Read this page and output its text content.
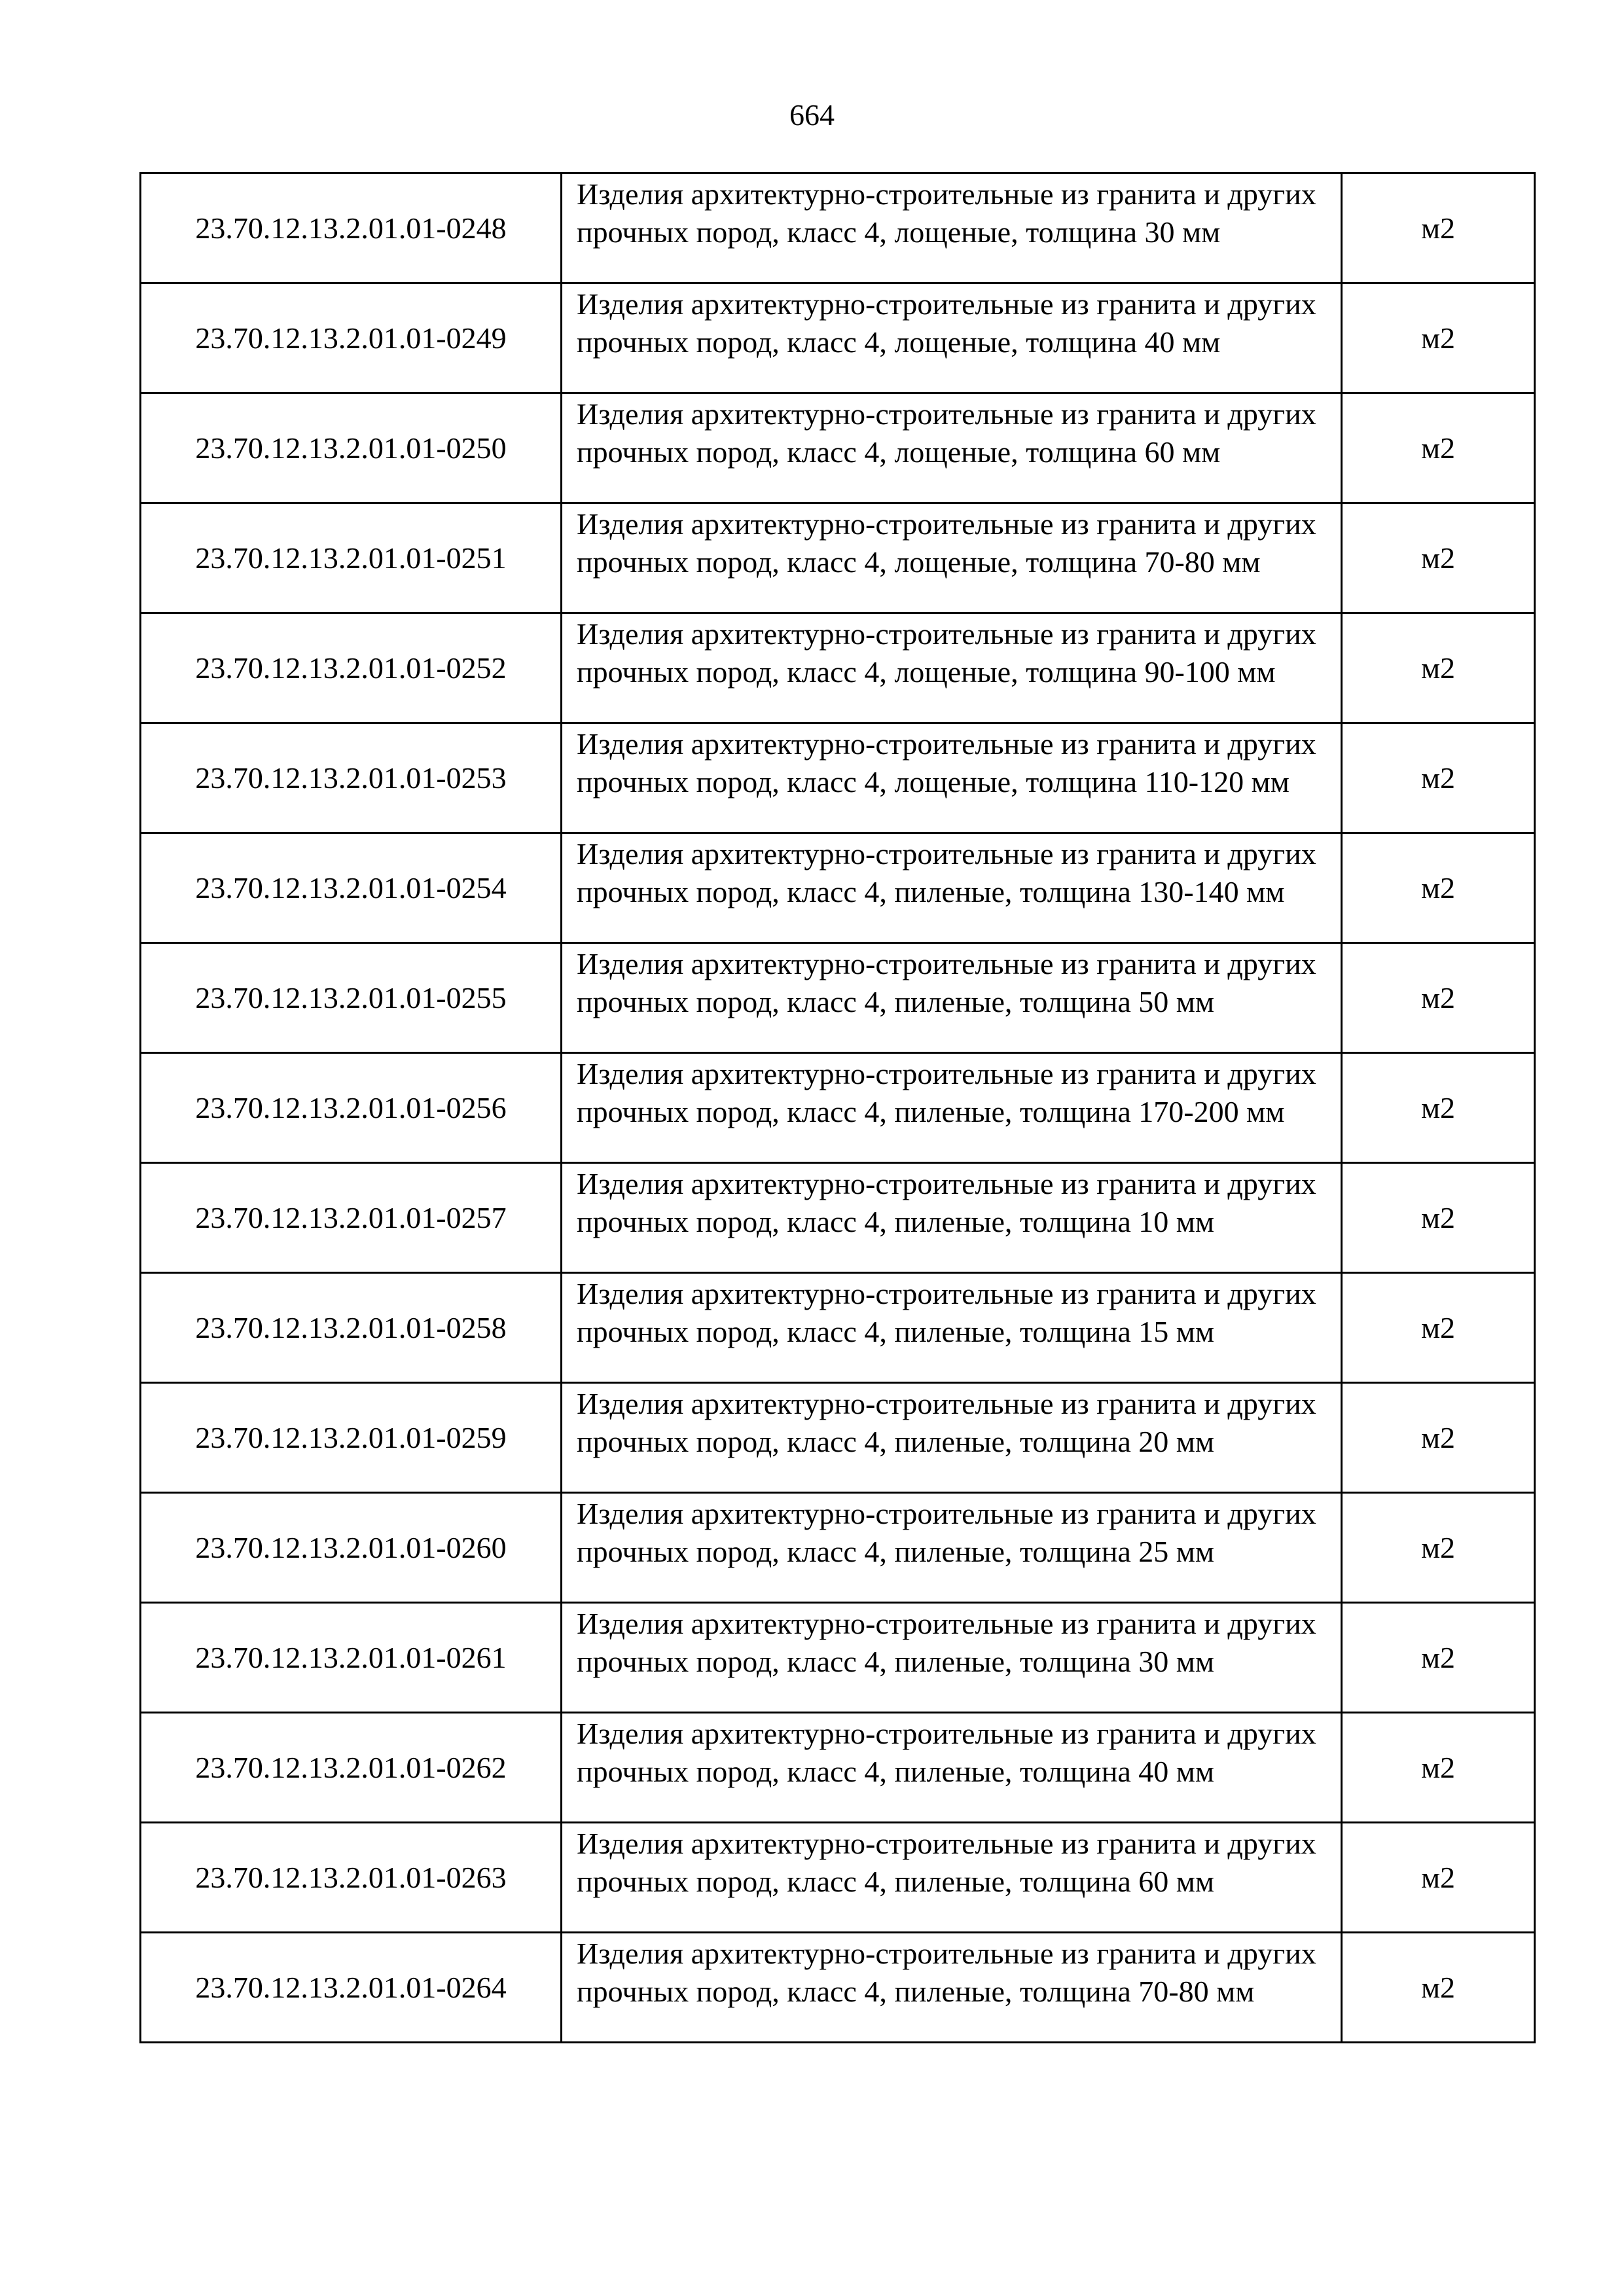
664
23.70.12.13.2.01.01-0248	Изделия архитектурно-строительные из гранита и других прочных пород, класс 4, лощеные, толщина 30 мм	м2
23.70.12.13.2.01.01-0249	Изделия архитектурно-строительные из гранита и других прочных пород, класс 4, лощеные, толщина 40 мм	м2
23.70.12.13.2.01.01-0250	Изделия архитектурно-строительные из гранита и других прочных пород, класс 4, лощеные, толщина 60 мм	м2
23.70.12.13.2.01.01-0251	Изделия архитектурно-строительные из гранита и других прочных пород, класс 4, лощеные, толщина 70-80 мм	м2
23.70.12.13.2.01.01-0252	Изделия архитектурно-строительные из гранита и других прочных пород, класс 4, лощеные, толщина 90-100 мм	м2
23.70.12.13.2.01.01-0253	Изделия архитектурно-строительные из гранита и других прочных пород, класс 4, лощеные, толщина 110-120 мм	м2
23.70.12.13.2.01.01-0254	Изделия архитектурно-строительные из гранита и других прочных пород, класс 4, пиленые, толщина 130-140 мм	м2
23.70.12.13.2.01.01-0255	Изделия архитектурно-строительные из гранита и других прочных пород, класс 4, пиленые, толщина 50 мм	м2
23.70.12.13.2.01.01-0256	Изделия архитектурно-строительные из гранита и других прочных пород, класс 4, пиленые, толщина 170-200 мм	м2
23.70.12.13.2.01.01-0257	Изделия архитектурно-строительные из гранита и других прочных пород, класс 4, пиленые, толщина 10 мм	м2
23.70.12.13.2.01.01-0258	Изделия архитектурно-строительные из гранита и других прочных пород, класс 4, пиленые, толщина 15 мм	м2
23.70.12.13.2.01.01-0259	Изделия архитектурно-строительные из гранита и других прочных пород, класс 4, пиленые, толщина 20 мм	м2
23.70.12.13.2.01.01-0260	Изделия архитектурно-строительные из гранита и других прочных пород, класс 4, пиленые, толщина 25 мм	м2
23.70.12.13.2.01.01-0261	Изделия архитектурно-строительные из гранита и других прочных пород, класс 4, пиленые, толщина 30 мм	м2
23.70.12.13.2.01.01-0262	Изделия архитектурно-строительные из гранита и других прочных пород, класс 4, пиленые, толщина 40 мм	м2
23.70.12.13.2.01.01-0263	Изделия архитектурно-строительные из гранита и других прочных пород, класс 4, пиленые, толщина 60 мм	м2
23.70.12.13.2.01.01-0264	Изделия архитектурно-строительные из гранита и других прочных пород, класс 4, пиленые, толщина 70-80 мм	м2
